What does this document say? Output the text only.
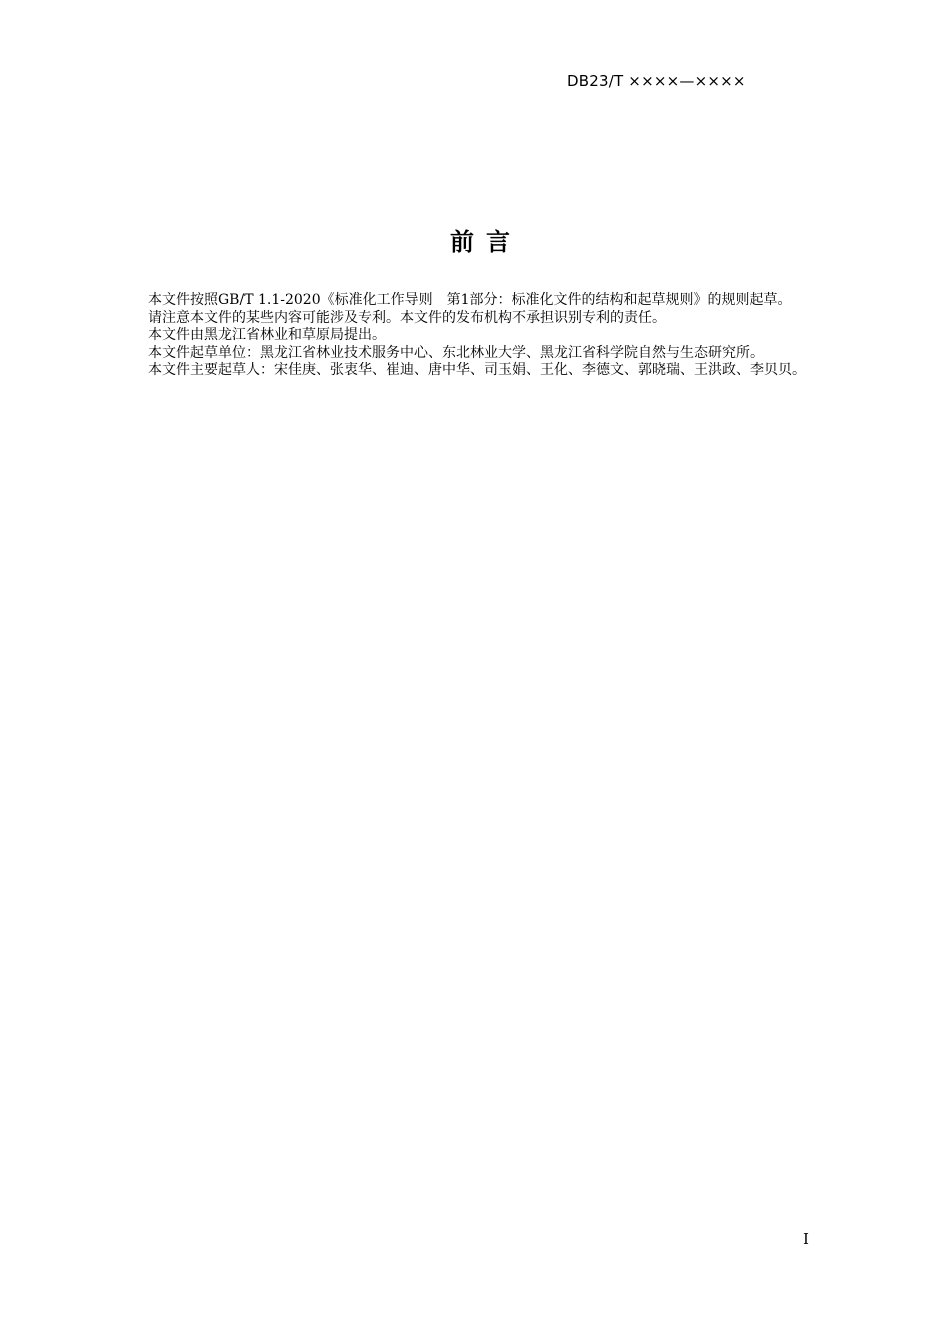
DB23/T ××××—××××
前言

本文件按照GB/T 1.1-2020《标准化工作导则　第1部分：标准化文件的结构和起草规则》的规则起草。

请注意本文件的某些内容可能涉及专利。本文件的发布机构不承担识别专利的责任。

本文件由黑龙江省林业和草原局提出。

本文件起草单位：黑龙江省林业技术服务中心、东北林业大学、黑龙江省科学院自然与生态研究所。

本文件主要起草人：宋佳庚、张衷华、崔迪、唐中华、司玉娟、王化、李德文、郭晓瑞、王洪政、李贝贝。

I
